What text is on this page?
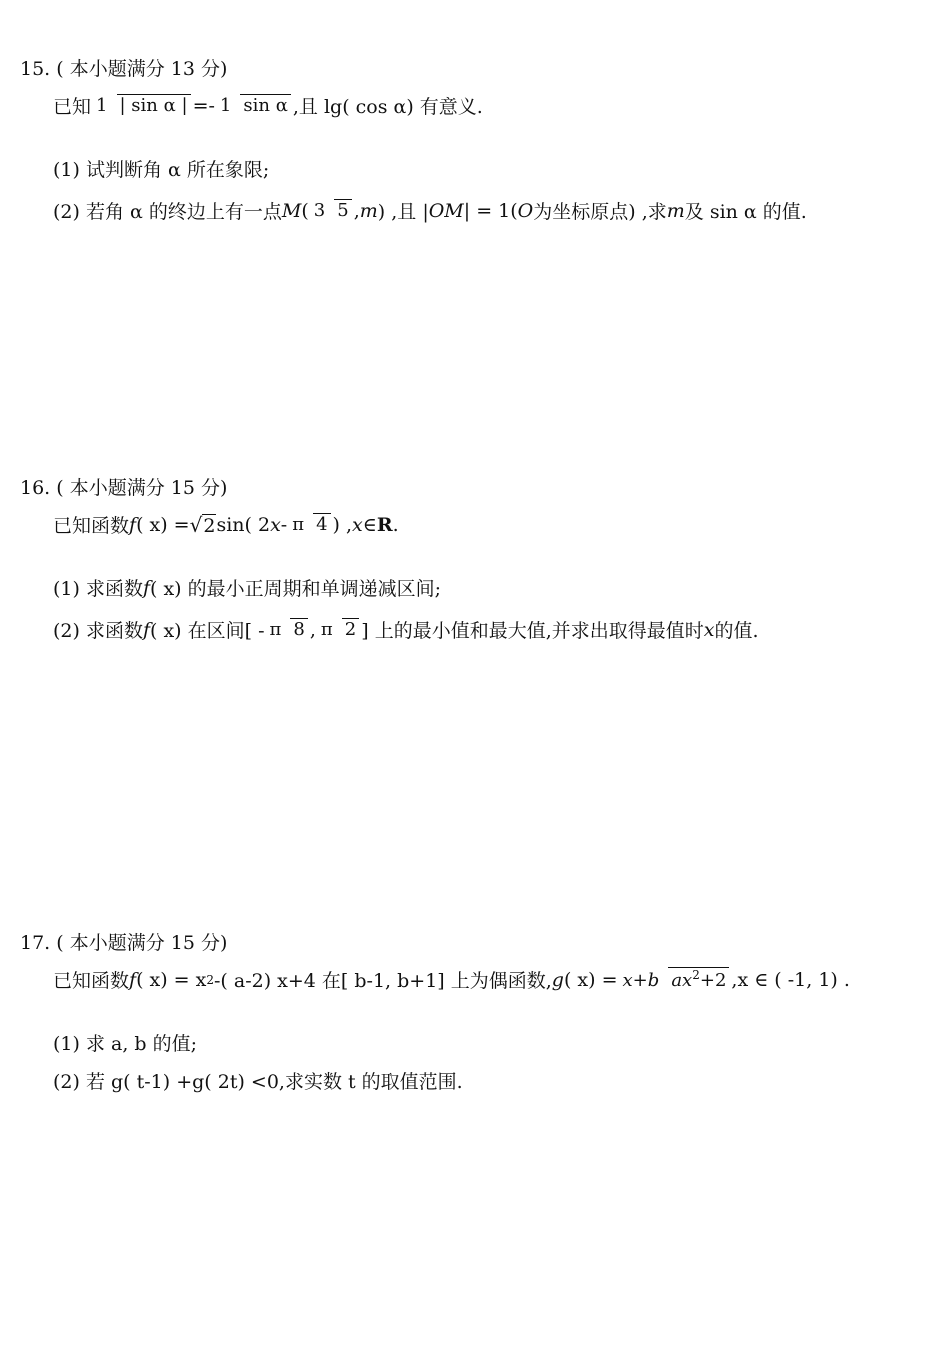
15. ( 本小题满分 13 分)
已知 1 | sin α | =- 1 sin α ,且 lg( cos α) 有意义.
(1) 试判断角 α 所在象限;
(2) 若角 α 的终边上有一点 M ( 3 5 , m ) ,且 | OM | = 1( O 为坐标原点) ,求 m 及 sin α 的值.
16. ( 本小题满分 15 分)
已知函数 f ( x) = √2 sin( 2 x - π 4 ) , x ∈ R .
(1) 求函数 f ( x) 的最小正周期和单调递减区间;
(2) 求函数 f ( x) 在区间[ - π 8 , π 2 ] 上的最小值和最大值,并求出取得最值时 x 的值.
17. ( 本小题满分 15 分)
已知函数 f ( x) = x 2 -( a-2) x+4 在[ b-1, b+1] 上为偶函数, g ( x) = x+b $ax^2+2$ ,x ∈ ( -1, 1) .
(1) 求 a, b 的值;
(2) 若 g( t-1) +g( 2t) <0,求实数 t 的取值范围.
